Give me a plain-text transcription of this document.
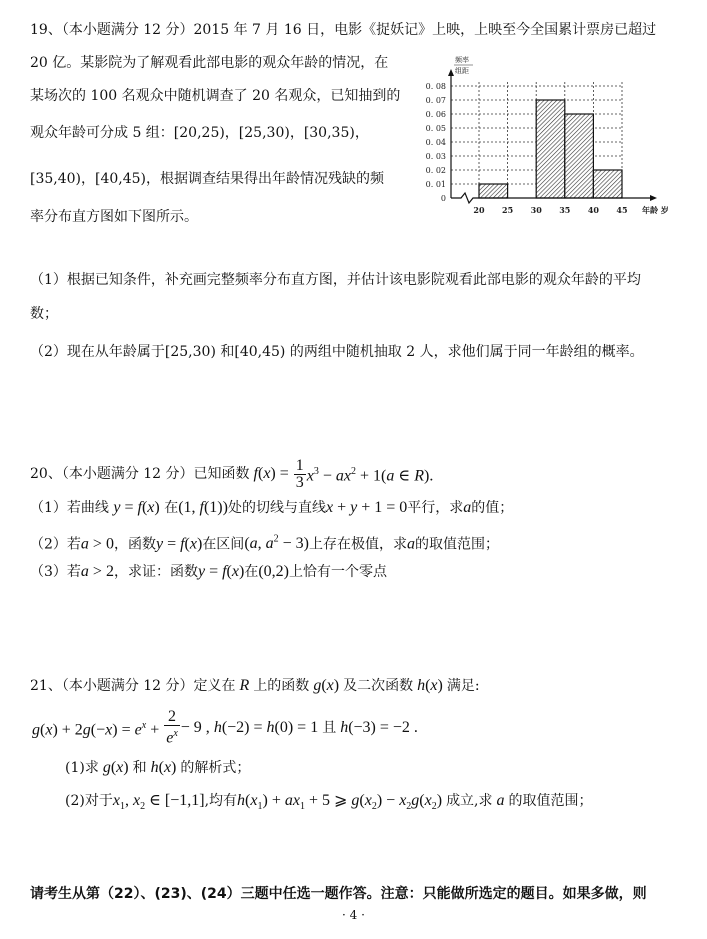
19、（本小题满分 12 分）2015 年 7 月 16 日，电影《捉妖记》上映，上映至今全国累计票房已超过
20 亿。某影院为了解观看此部电影的观众年龄的情况，在
某场次的 100 名观众中随机调查了 20 名观众，已知抽到的
观众年龄可分成 5 组：[20,25)，[25,30)，[30,35)，
[35,40)，[40,45)，根据调查结果得出年龄情况残缺的频
率分布直方图如下图所示。
0
0. 01
0. 02
0. 03
0. 04
0. 05
0. 06
0. 07
0. 08
20 25 30 35 40 45 年龄 岁
频率
组距
（1）根据已知条件，补充画完整频率分布直方图，并估计该电影院观看此部电影的观众年龄的平均
数；
（2）现在从年龄属于[25,30) 和[40,45) 的两组中随机抽取 2 人，求他们属于同一年龄组的概率。
20、（本小题满分 12 分）已知函数 f $(x) = \frac{1}{3} x^3 - ax^2 + 1(a$ ∈ R).
（1）若曲线 y = f(x) 在(1, f(1))处的切线与直线x + y + 1 = 0平行，求a的值；
（2）若a > 0，函数y = f(x)在区间(a, $a^2 - 3$)上存在极值，求a的取值范围；
（3）若a > 2，求证：函数y = f(x)在(0,2)上恰有一个零点
21、（本小题满分 12 分）定义在 R 上的函数 g(x) 及二次函数 h(x) 满足:
$g(x) + 2g(-x) = e^x + \frac{2}{e^x} - 9$ , h(−2) = h(0) = 1 且 h(−3) = −2 .
(1)求 g(x) 和 h(x) 的解析式；
(2)对于$x_1$, $x_2$ ∈ [−1,1],均有$h(x_1) + ax_1 + 5$ ⩾ $g(x_2) - x_2g(x_2)$ 成立,求 a 的取值范围；
请考生从第（22）、(23)、(24）三题中任选一题作答。注意：只能做所选定的题目。如果多做，则
· 4 ·
